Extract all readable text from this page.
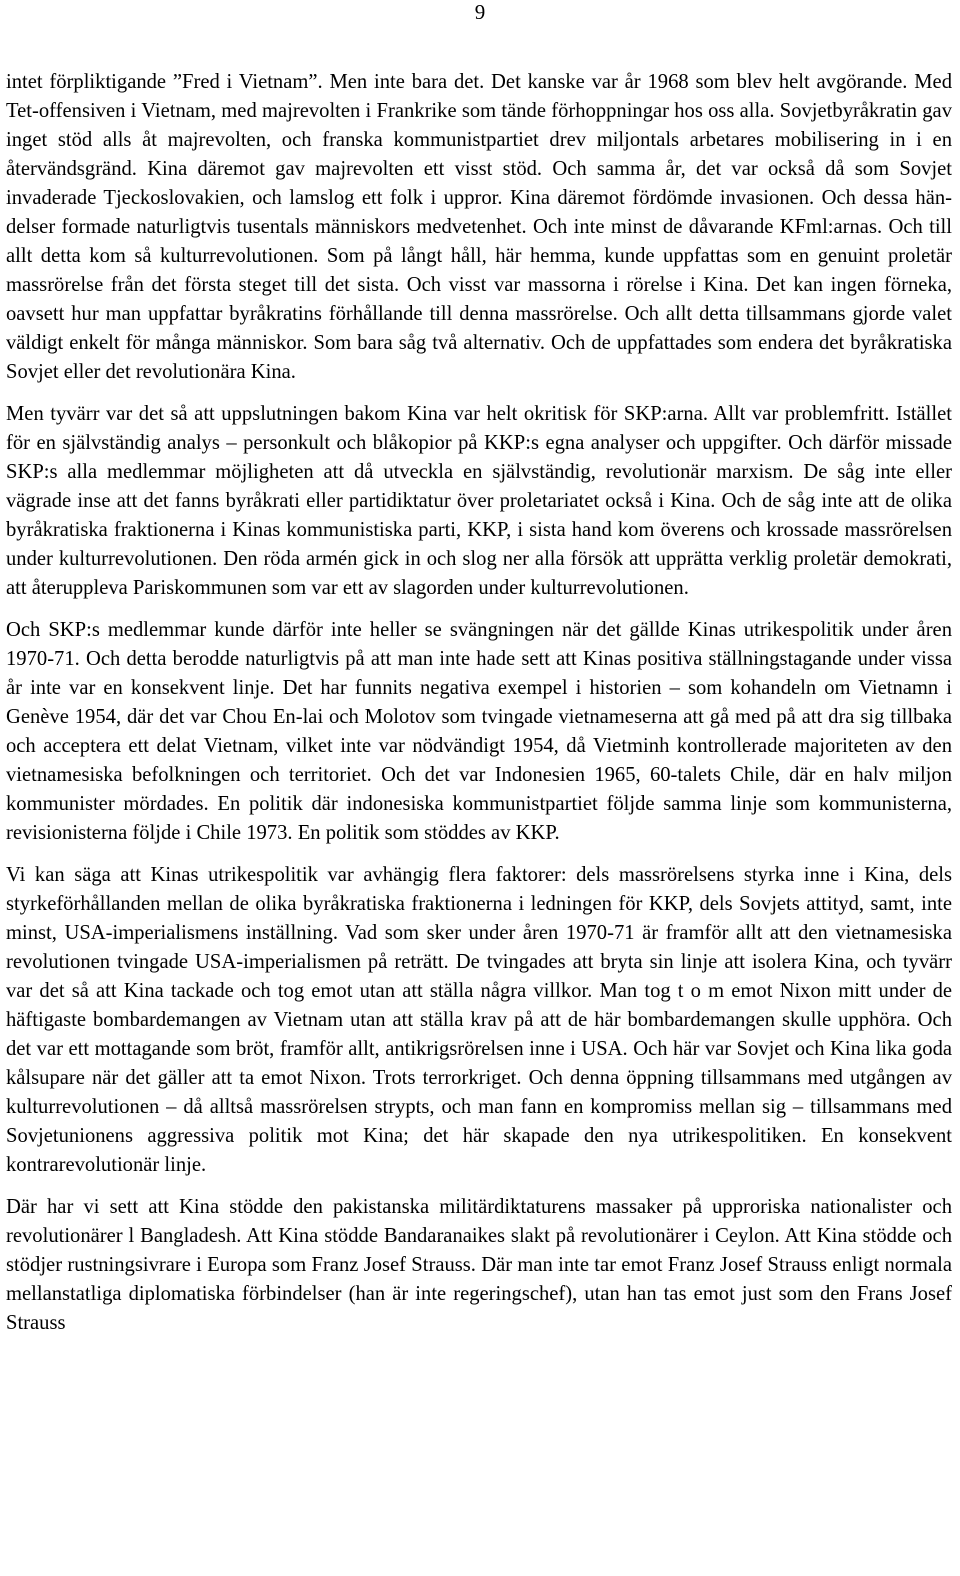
9

intet förpliktigande ”Fred i Vietnam”. Men inte bara det. Det kanske var år 1968 som blev helt avgörande. Med Tet-offensiven i Vietnam, med majrevolten i Frankrike som tände förhoppningar hos oss alla. Sovjetbyråkratin gav inget stöd alls åt majrevolten, och franska kommunistpartiet drev miljontals arbetares mobilisering in i en återvändsgränd. Kina däremot gav majrevolten ett visst stöd. Och samma år, det var också då som Sovjet invaderade Tjeckoslovakien, och lamslog ett folk i uppror. Kina däremot fördömde invasionen. Och dessa händelser formade naturligtvis tusentals människors medvetenhet. Och inte minst de dåvarande KFml:arnas. Och till allt detta kom så kulturrevolutionen. Som på långt håll, här hemma, kunde uppfattas som en genuint proletär massrörelse från det första steget till det sista. Och visst var massorna i rörelse i Kina. Det kan ingen förneka, oavsett hur man uppfattar byråkratins förhållande till denna massrörelse. Och allt detta tillsammans gjorde valet väldigt enkelt för många människor. Som bara såg två alternativ. Och de uppfattades som endera det byråkratiska Sovjet eller det revolutionära Kina.

Men tyvärr var det så att uppslutningen bakom Kina var helt okritisk för SKP:arna. Allt var problemfritt. Istället för en självständig analys – personkult och blåkopior på KKP:s egna analyser och uppgifter. Och därför missade SKP:s alla medlemmar möjligheten att då utveckla en självständig, revolutionär marxism. De såg inte eller vägrade inse att det fanns byråkrati eller partidiktatur över proletariatet också i Kina. Och de såg inte att de olika byråkratiska fraktionerna i Kinas kommunistiska parti, KKP, i sista hand kom överens och krossade massrörelsen under kulturrevolutionen. Den röda armén gick in och slog ner alla försök att upprätta verklig proletär demokrati, att återuppleva Pariskommunen som var ett av slagorden under kulturrevolutionen.

Och SKP:s medlemmar kunde därför inte heller se svängningen när det gällde Kinas utrikespolitik under åren 1970-71. Och detta berodde naturligtvis på att man inte hade sett att Kinas positiva ställningstagande under vissa år inte var en konsekvent linje. Det har funnits negativa exempel i historien – som kohandeln om Vietnamn i Genève 1954, där det var Chou En-lai och Molotov som tvingade vietnameserna att gå med på att dra sig tillbaka och acceptera ett delat Vietnam, vilket inte var nödvändigt 1954, då Vietminh kontrollerade majoriteten av den vietnamesiska befolkningen och territoriet. Och det var Indonesien 1965, 60-talets Chile, där en halv miljon kommunister mördades. En politik där indonesiska kommunistpartiet följde samma linje som kommunisterna, revisionisterna följde i Chile 1973. En politik som stöddes av KKP.

Vi kan säga att Kinas utrikespolitik var avhängig flera faktorer: dels massrörelsens styrka inne i Kina, dels styrkeförhållanden mellan de olika byråkratiska fraktionerna i ledningen för KKP, dels Sovjets attityd, samt, inte minst, USA-imperialismens inställning. Vad som sker under åren 1970-71 är framför allt att den vietnamesiska revolutionen tvingade USA-imperialismen på reträtt. De tvingades att bryta sin linje att isolera Kina, och tyvärr var det så att Kina tackade och tog emot utan att ställa några villkor. Man tog t o m emot Nixon mitt under de häftigaste bombardemangen av Vietnam utan att ställa krav på att de här bombardemangen skulle upphöra. Och det var ett mottagande som bröt, framför allt, antikrigsrörelsen inne i USA. Och här var Sovjet och Kina lika goda kålsupare när det gäller att ta emot Nixon. Trots terrorkriget. Och denna öppning tillsammans med utgången av kulturrevolutionen – då alltså massrörelsen strypts, och man fann en kompromiss mellan sig – tillsammans med Sovjetunionens aggressiva politik mot Kina; det här skapade den nya utrikespolitiken. En konsekvent kontrarevolutionär linje.

Där har vi sett att Kina stödde den pakistanska militärdiktaturens massaker på upproriska nationalister och revolutionärer l Bangladesh. Att Kina stödde Bandaranaikes slakt på revolutionärer i Ceylon. Att Kina stödde och stödjer rustningsivrare i Europa som Franz Josef Strauss. Där man inte tar emot Franz Josef Strauss enligt normala mellanstatliga diplomatiska förbindelser (han är inte regeringschef), utan han tas emot just som den Frans Josef Strauss
